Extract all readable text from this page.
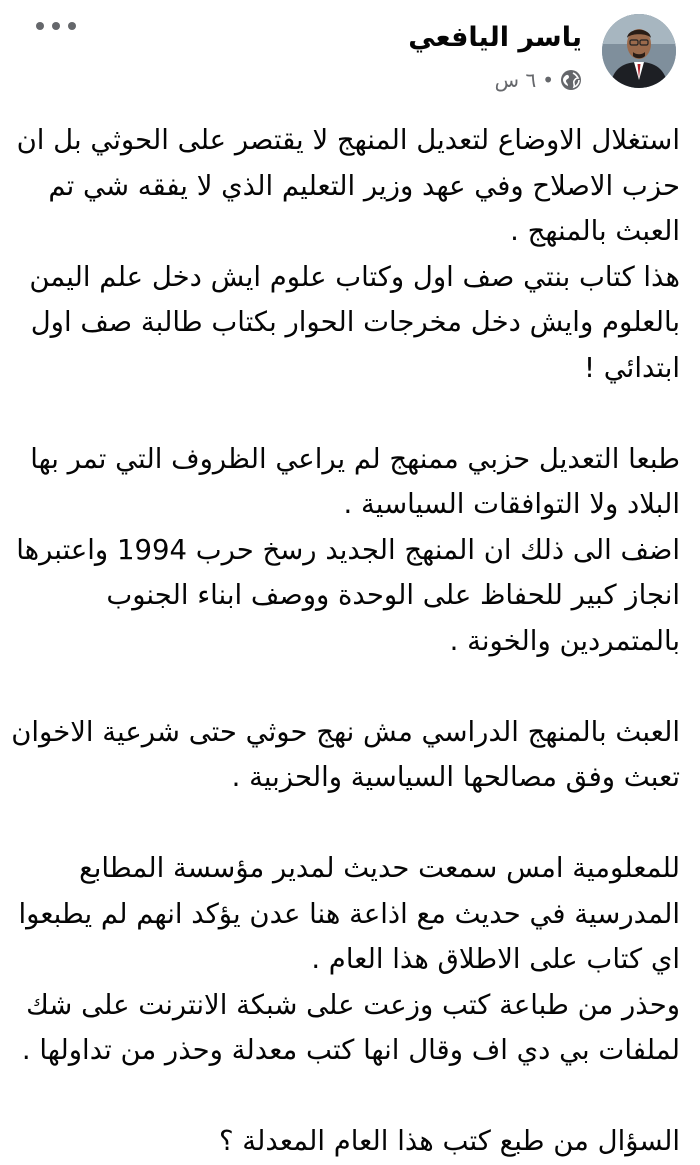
ياسر اليافعي
٦ س •
استغلال الاوضاع لتعديل المنهج لا يقتصر على الحوثي بل ان
حزب الاصلاح وفي عهد وزير التعليم الذي لا يفقه شي تم
العبث بالمنهج .
هذا كتاب بنتي صف اول وكتاب علوم ايش دخل علم اليمن
بالعلوم وايش دخل مخرجات الحوار بكتاب طالبة صف اول
ابتدائي !
طبعا التعديل حزبي ممنهج لم يراعي الظروف التي تمر بها
البلاد ولا التوافقات السياسية .
اضف الى ذلك ان المنهج الجديد رسخ حرب 1994 واعتبرها
انجاز كبير للحفاظ على الوحدة ووصف ابناء الجنوب
بالمتمردين والخونة .
العبث بالمنهج الدراسي مش نهج حوثي حتى شرعية الاخوان
تعبث وفق مصالحها السياسية والحزبية .
للمعلومية امس سمعت حديث لمدير مؤسسة المطابع
المدرسية في حديث مع اذاعة هنا عدن يؤكد انهم لم يطبعوا
اي كتاب على الاطلاق هذا العام .
وحذر من طباعة كتب وزعت على شبكة الانترنت على شك
لملفات بي دي اف وقال انها كتب معدلة وحذر من تداولها .
السؤال من طبع كتب هذا العام المعدلة ؟
